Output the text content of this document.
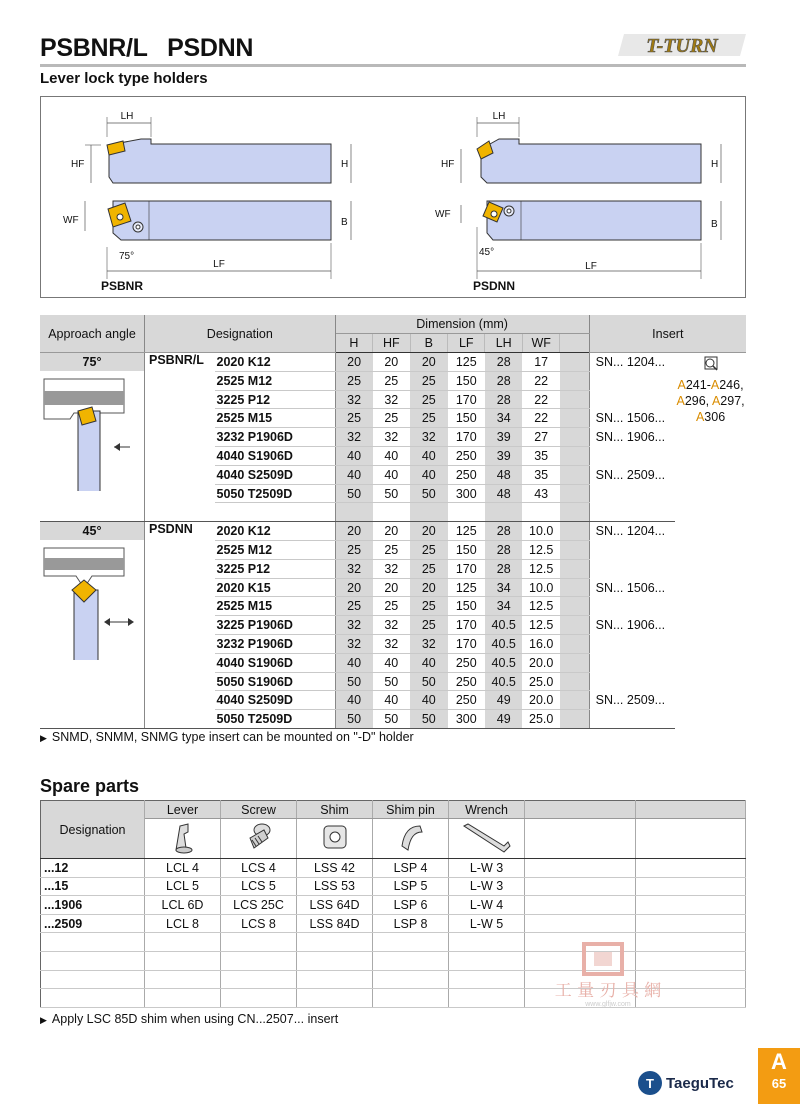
PSBNR/L   PSDNN
Lever lock type holders
T-TURN
LH
HF	H
WF	B
75°
LF
LH
HF	H
WF
B
45°
LF
PSBNR	PSDNN
Approach angle	Designation		Dimension (mm)							Insert	
			H	HF	B	LF	LH	WF			

75°	PSBNR/L	2020 K12	20	20	20	125	28	17		SN... 1204...	A241-A246,
A296, A297,
A306
		2525 M12	25	25	25	150	28	22			
		3225 P12	32	32	25	170	28	22			
		2525 M15	25	25	25	150	34	22		SN... 1506...	
		3232 P1906D	32	32	32	170	39	27		SN... 1906...	
		4040 S1906D	40	40	40	250	39	35			
		4040 S2509D	40	40	40	250	48	35		SN... 2509...	
		5050 T2509D	50	50	50	300	48	43			

45°	PSDNN	2020 K12	20	20	20	125	28	10.0		SN... 1204...	
		2525 M12	25	25	25	150	28	12.5			
		3225 P12	32	32	25	170	28	12.5			
		2020 K15	20	20	20	125	34	10.0		SN... 1506...	
		2525 M15	25	25	25	150	34	12.5			
		3225 P1906D	32	32	25	170	40.5	12.5		SN... 1906...	
		3232 P1906D	32	32	32	170	40.5	16.0			
		4040 S1906D	40	40	40	250	40.5	20.0			
		5050 S1906D	50	50	50	250	40.5	25.0			
		4040 S2509D	40	40	40	250	49	20.0		SN... 2509...	
		5050 T2509D	50	50	50	300	49	25.0			
▶ SNMD, SNMM, SNMG type insert can be mounted on "-D" holder
Spare parts
Designation	Lever	Screw	Shim	Shim pin	Wrench		

...12	LCL 4	LCS 4	LSS 42	LSP 4	L-W 3		
...15	LCL 5	LCS 5	LSS 53	LSP 5	L-W 3		
...1906	LCL 6D	LCS 25C	LSS 64D	LSP 6	L-W 4		
...2509	LCL 8	LCS 8	LSS 84D	LSP 8	L-W 5		

▶ Apply LSC 85D shim when using CN...2507... insert
工 量 刃 具 網
www.glfjw.com
T TaeguTec
A
65
